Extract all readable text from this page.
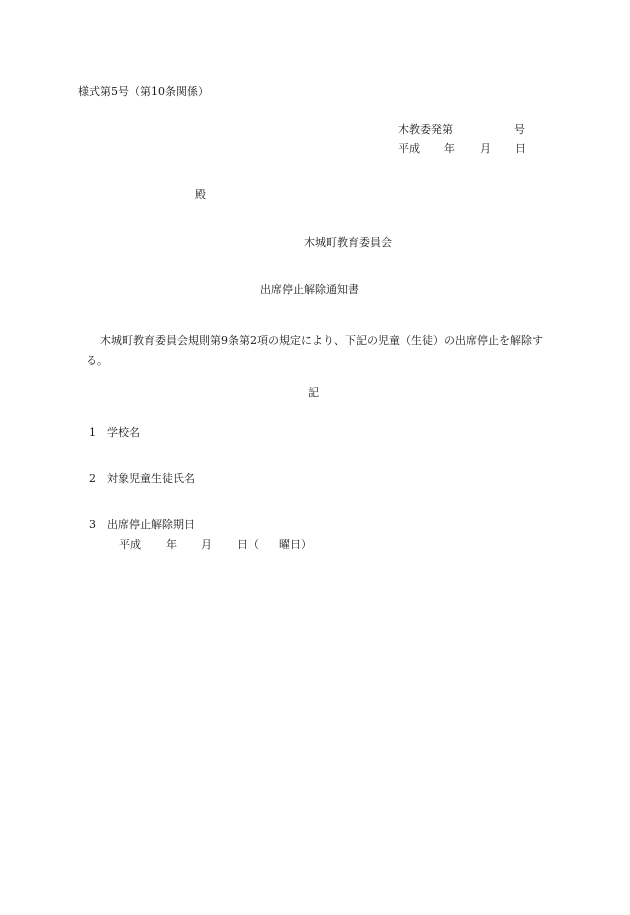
様式第5号（第10条関係）
木教委発第	号
平成 年 月 日
殿
木城町教育委員会
出席停止解除通知書
木城町教育委員会規則第9条第2項の規定により、下記の児童（生徒）の出席停止を解除する。
記
1 学校名
2 対象児童生徒氏名
3 出席停止解除期日
平成 年 月 日（ 曜日）
